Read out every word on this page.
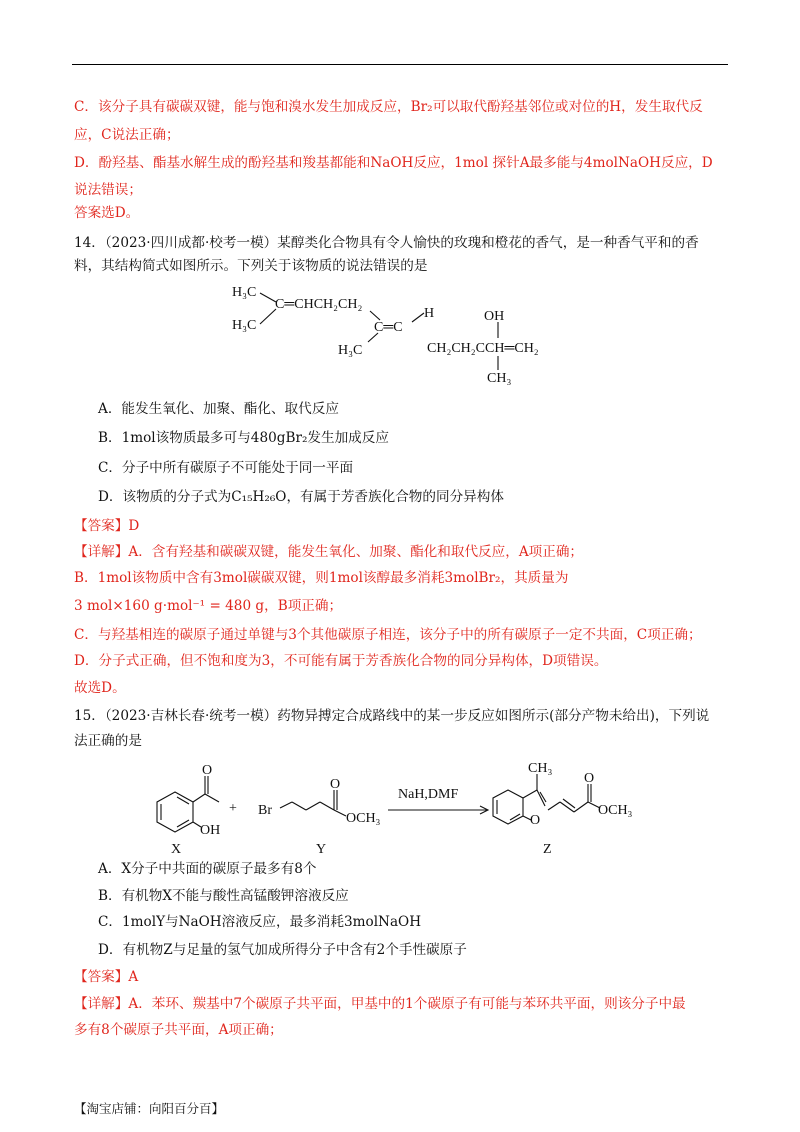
C．该分子具有碳碳双键，能与饱和溴水发生加成反应，Br₂可以取代酚羟基邻位或对位的H，发生取代反
应，C说法正确；
D．酚羟基、酯基水解生成的酚羟基和羧基都能和NaOH反应，1mol 探针A最多能与4molNaOH反应，D
说法错误；
答案选D。
14．（2023·四川成都·校考一模）某醇类化合物具有令人愉快的玫瑰和橙花的香气，是一种香气平和的香
料，其结构简式如图所示。下列关于该物质的说法错误的是
H₃C
H₃C
C═CHCH₂CH₂
C═C
H	OH
H₃C	CH₂CH₂CCH═CH₂
CH₃
A．能发生氧化、加聚、酯化、取代反应
B．1mol该物质最多可与480gBr₂发生加成反应
C．分子中所有碳原子不可能处于同一平面
D．该物质的分子式为C₁₅H₂₆O，有属于芳香族化合物的同分异构体
【答案】D
【详解】A．含有羟基和碳碳双键，能发生氧化、加聚、酯化和取代反应，A项正确；
B．1mol该物质中含有3mol碳碳双键，则1mol该醇最多消耗3molBr₂，其质量为
3 mol×160 g·mol⁻¹ = 480 g，B项正确；
C．与羟基相连的碳原子通过单键与3个其他碳原子相连，该分子中的所有碳原子一定不共面，C项正确；
D．分子式正确，但不饱和度为3，不可能有属于芳香族化合物的同分异构体，D项错误。
故选D。
15．（2023·吉林长春·统考一模）药物异搏定合成路线中的某一步反应如图所示(部分产物未给出)，下列说
法正确的是
O
OH
+ Br
O
OCH₃
NaH,DMF
CH₃
O
O
OCH₃
X	Y	Z
A．X分子中共面的碳原子最多有8个
B．有机物X不能与酸性高锰酸钾溶液反应
C．1molY与NaOH溶液反应，最多消耗3molNaOH
D．有机物Z与足量的氢气加成所得分子中含有2个手性碳原子
【答案】A
【详解】A．苯环、羰基中7个碳原子共平面，甲基中的1个碳原子有可能与苯环共平面，则该分子中最
多有8个碳原子共平面，A项正确；
【淘宝店铺：向阳百分百】
